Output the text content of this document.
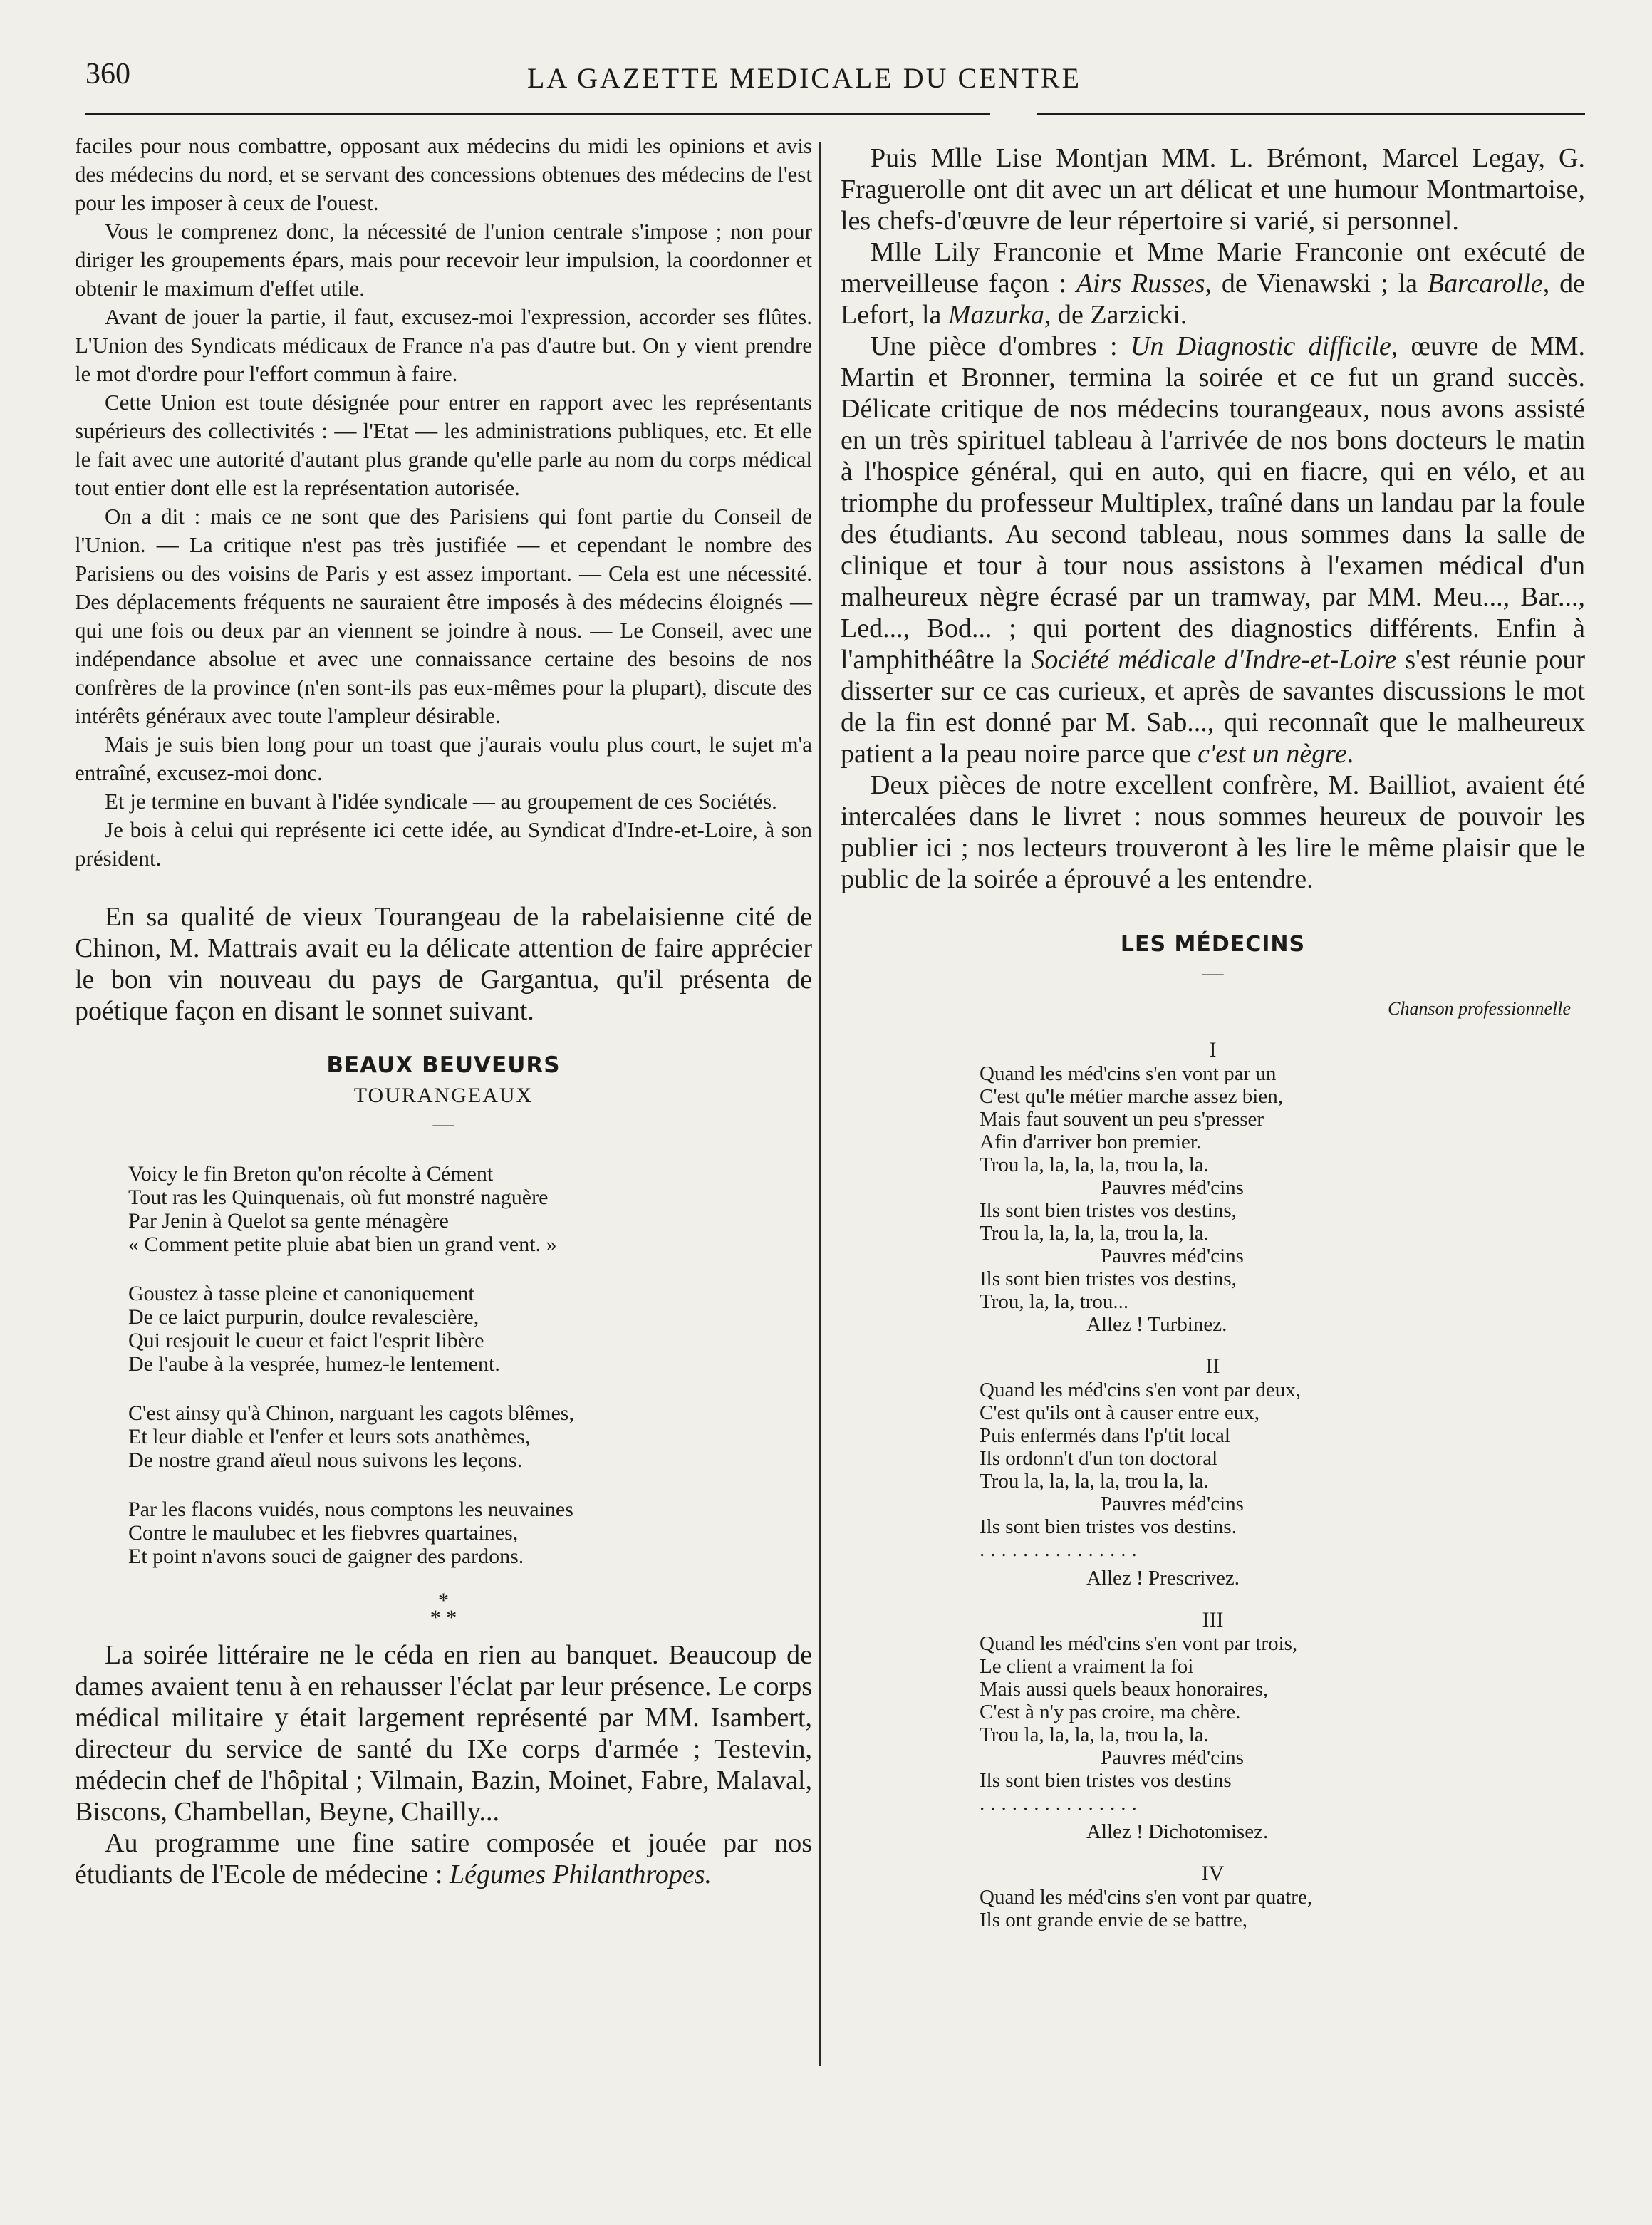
360	LA GAZETTE MEDICALE DU CENTRE

faciles pour nous combattre, opposant aux médecins du midi les opinions et avis des médecins du nord, et se servant des concessions obtenues des médecins de l'est pour les imposer à ceux de l'ouest.

Vous le comprenez donc, la nécessité de l'union centrale s'impose ; non pour diriger les groupements épars, mais pour recevoir leur impulsion, la coordonner et obtenir le maximum d'effet utile.

Avant de jouer la partie, il faut, excusez-moi l'expression, accorder ses flûtes. L'Union des Syndicats médicaux de France n'a pas d'autre but. On y vient prendre le mot d'ordre pour l'effort commun à faire.

Cette Union est toute désignée pour entrer en rapport avec les représentants supérieurs des collectivités : — l'Etat — les administrations publiques, etc. Et elle le fait avec une autorité d'autant plus grande qu'elle parle au nom du corps médical tout entier dont elle est la représentation autorisée.

On a dit : mais ce ne sont que des Parisiens qui font partie du Conseil de l'Union. — La critique n'est pas très justifiée — et cependant le nombre des Parisiens ou des voisins de Paris y est assez important. — Cela est une nécessité. Des déplacements fréquents ne sauraient être imposés à des médecins éloignés — qui une fois ou deux par an viennent se joindre à nous. — Le Conseil, avec une indépendance absolue et avec une connaissance certaine des besoins de nos confrères de la province (n'en sont-ils pas eux-mêmes pour la plupart), discute des intérêts généraux avec toute l'ampleur désirable.

Mais je suis bien long pour un toast que j'aurais voulu plus court, le sujet m'a entraîné, excusez-moi donc.

Et je termine en buvant à l'idée syndicale — au groupement de ces Sociétés.

Je bois à celui qui représente ici cette idée, au Syndicat d'Indre-et-Loire, à son président.

En sa qualité de vieux Tourangeau de la rabelaisienne cité de Chinon, M. Mattrais avait eu la délicate attention de faire apprécier le bon vin nouveau du pays de Gargantua, qu'il présenta de poétique façon en disant le sonnet suivant.

BEAUX BEUVEURS
TOURANGEAUX
—
Voicy le fin Breton qu'on récolte à Cément
Tout ras les Quinquenais, où fut monstré naguère
Par Jenin à Quelot sa gente ménagère
« Comment petite pluie abat bien un grand vent. »
Goustez à tasse pleine et canoniquement
De ce laict purpurin, doulce revalescière,
Qui resjouit le cueur et faict l'esprit libère
De l'aube à la vesprée, humez-le lentement.
C'est ainsy qu'à Chinon, narguant les cagots blêmes,
Et leur diable et l'enfer et leurs sots anathèmes,
De nostre grand aïeul nous suivons les leçons.
Par les flacons vuidés, nous comptons les neuvaines
Contre le maulubec et les fiebvres quartaines,
Et point n'avons souci de gaigner des pardons.
*
* *

La soirée littéraire ne le céda en rien au banquet. Beaucoup de dames avaient tenu à en rehausser l'éclat par leur présence. Le corps médical militaire y était largement représenté par MM. Isambert, directeur du service de santé du IXe corps d'armée ; Testevin, médecin chef de l'hôpital ; Vilmain, Bazin, Moinet, Fabre, Malaval, Biscons, Chambellan, Beyne, Chailly...

Au programme une fine satire composée et jouée par nos étudiants de l'Ecole de médecine : Légumes Philanthropes.

Puis Mlle Lise Montjan MM. L. Brémont, Marcel Legay, G. Fraguerolle ont dit avec un art délicat et une humour Montmartoise, les chefs-d'œuvre de leur répertoire si varié, si personnel.

Mlle Lily Franconie et Mme Marie Franconie ont exécuté de merveilleuse façon : Airs Russes, de Vienawski ; la Barcarolle, de Lefort, la Mazurka, de Zarzicki.

Une pièce d'ombres : Un Diagnostic difficile, œuvre de MM. Martin et Bronner, termina la soirée et ce fut un grand succès. Délicate critique de nos médecins tourangeaux, nous avons assisté en un très spirituel tableau à l'arrivée de nos bons docteurs le matin à l'hospice général, qui en auto, qui en fiacre, qui en vélo, et au triomphe du professeur Multiplex, traîné dans un landau par la foule des étudiants. Au second tableau, nous sommes dans la salle de clinique et tour à tour nous assistons à l'examen médical d'un malheureux nègre écrasé par un tramway, par MM. Meu..., Bar..., Led..., Bod... ; qui portent des diagnostics différents. Enfin à l'amphithéâtre la Société médicale d'Indre-et-Loire s'est réunie pour disserter sur ce cas curieux, et après de savantes discussions le mot de la fin est donné par M. Sab..., qui reconnaît que le malheureux patient a la peau noire parce que c'est un nègre.

Deux pièces de notre excellent confrère, M. Bailliot, avaient été intercalées dans le livret : nous sommes heureux de pouvoir les publier ici ; nos lecteurs trouveront à les lire le même plaisir que le public de la soirée a éprouvé a les entendre.

LES MÉDECINS
—
Chanson professionnelle
I
Quand les méd'cins s'en vont par un
C'est qu'le métier marche assez bien,
Mais faut souvent un peu s'presser
Afin d'arriver bon premier.
Trou la, la, la, la, trou la, la.
Pauvres méd'cins
Ils sont bien tristes vos destins,
Trou la, la, la, la, trou la, la.
Pauvres méd'cins
Ils sont bien tristes vos destins,
Trou, la, la, trou...
Allez ! Turbinez.
II
Quand les méd'cins s'en vont par deux,
C'est qu'ils ont à causer entre eux,
Puis enfermés dans l'p'tit local
Ils ordonn't d'un ton doctoral
Trou la, la, la, la, trou la, la.
Pauvres méd'cins
Ils sont bien tristes vos destins.
...............
Allez ! Prescrivez.
III
Quand les méd'cins s'en vont par trois,
Le client a vraiment la foi
Mais aussi quels beaux honoraires,
C'est à n'y pas croire, ma chère.
Trou la, la, la, la, trou la, la.
Pauvres méd'cins
Ils sont bien tristes vos destins
...............
Allez ! Dichotomisez.
IV
Quand les méd'cins s'en vont par quatre,
Ils ont grande envie de se battre,
